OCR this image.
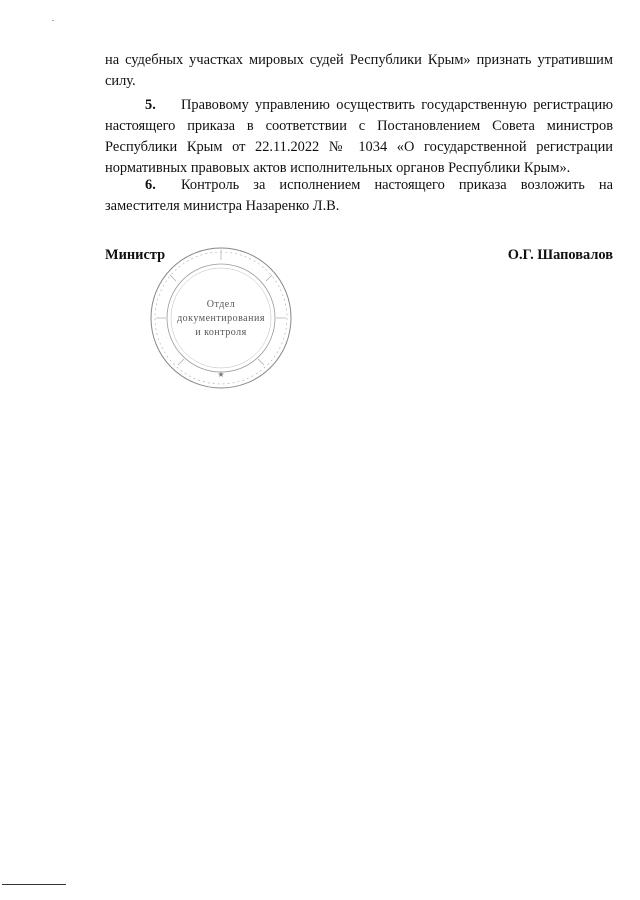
на судебных участках мировых судей Республики Крым» признать утратившим силу.
5. Правовому управлению осуществить государственную регистрацию настоящего приказа в соответствии с Постановлением Совета министров Республики Крым от 22.11.2022 № 1034 «О государственной регистрации нормативных правовых актов исполнительных органов Республики Крым».
6. Контроль за исполнением настоящего приказа возложить на заместителя министра Назаренко Л.В.
★
Отдел
документирования
и контроля
Министр	О.Г. Шаповалов
